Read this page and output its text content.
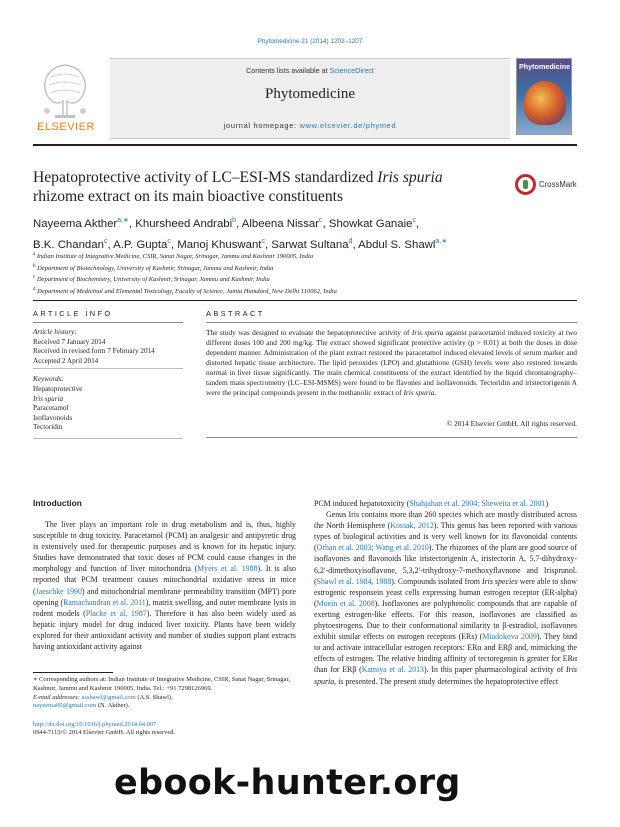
Phytomedicine 21 (2014) 1202–1207
ELSEVIER
Contents lists available at ScienceDirect
Phytomedicine
journal homepage: www.elsevier.de/phymed
Phytomedicine
Hepatoprotective activity of LC–ESI-MS standardized Iris spuria rhizome extract on its main bioactive constituents
CrossMark
Nayeema Akther$^{a,∗}$, Khursheed Andrabi$^b$, Albeena Nissar$^c$, Showkat Ganaie$^c$,
B.K. Chandan$^c$, A.P. Gupta$^c$, Manoj Khuswant$^c$, Sarwat Sultana$^d$, Abdul S. Shawl$^{a,∗}$
$^a$ Indian Institute of Integrative Medicine, CSIR, Sanat Nagar, Srinagar, Jammu and Kashmir 190005, India
$^b$ Department of Biotechnology, University of Kashmir, Srinagar, Jammu and Kashmir, India
$^c$ Department of Biochemistry, University of Kashmir, Srinagar, Jammu and Kashmir, India
$^d$ Department of Medicinal and Elemental Toxicology, Faculty of Science, Jamia Hamdard, New Delhi 110062, India
ARTICLE INFO	ABSTRACT
Article history:
Received 7 January 2014
Received in revised form 7 February 2014
Accepted 2 April 2014
Keywords:
Hepatoprotective
Iris spuria
Paracetamol
Isoflavonoids
Tectoridin
The study was designed to evaluate the hepatoprotective activity of Iris spuria against paracetamol induced toxicity at two different doses 100 and 200 mg/kg. The extract showed significant protective activity (p > 0.01) at both the doses in dose dependent manner. Administration of the plant extract restored the paracetamol induced elevated levels of serum marker and distorted hepatic tissue architecture. The lipid peroxides (LPO) and glutathione (GSH) levels were also restored towards normal in liver tissue significantly. The main chemical constituents of the extract identified by the liquid chromatography–tandem mass spectrometry (LC–ESI-MSMS) were found to be flavones and isoflavonoids. Tectoridin and iristectorigenin A were the principal compounds present in the methanolic extract of Iris spuria.
© 2014 Elsevier GmbH. All rights reserved.
Introduction

The liver plays an important role in drug metabolism and is, thus, highly susceptible to drug toxicity. Paracetamol (PCM) an analgesic and antipyretic drug is extensively used for therapeutic purposes and is known for its hepatic injury. Studies have demonstrated that toxic doses of PCM could cause changes in the morphology and function of liver mitochondria (Myers et al. 1988). It is also reported that PCM treatment causes mitochondrial oxidative stress in mice (Jaeschke 1990) and mitochondrial membrane permeability transition (MPT) pore opening (Ramachandran et al. 2011), matrix swelling, and outer membrane lysis in rodent models (Placke et al. 1987). Therefore it has also been widely used as hepatic injury model for drug induced liver toxicity. Plants have been widely explored for their antioxidant activity and number of studies support plant extracts having antioxidant activity against

PCM induced hepatotoxicity (Shahjahan et al. 2004; Sheweita et al. 2001)

Genus Iris contains more than 260 species which are mostly distributed across the North Hemisphere (Kossak, 2012). This genus has been reported with various types of biological activities and is very well known for its flavonoidal contents (Orhan et al. 2003; Wang et al. 2010). The rhizomes of the plant are good source of isoflavones and flavonoids like iristectorigenin A, iristectorin A, 5,7-dihydroxy-6,2′-dimethoxyisoflavone, 5,3,2′-trihydroxy-7-methoxyflavnone and Irisprunol. (Shawl et al. 1984, 1988). Compounds isolated from Iris species were able to show estrogenic responsein yeast cells expressing human estrogen receptor (ER-alpha) (Moein et al. 2008). Isoflavones are polyphenolic compounds that are capable of exerting estrogen-like effects. For this reason, isoflavones are classified as phytoestrogens. Due to their conformational similarity to β-estradiol, isoflavones exhibit similar effects on estrogen receptors (ERs) (Miadokova 2009). They bind to and activate intracellular estrogen receptors: ERα and ERβ and, mimicking the effects of estrogen. The relative binding affinity of tectoregenin is greater for ERα than for ERβ (Kamiya et al. 2013). In this paper pharmacological activity of Iris spuria, is presented. The present study determines the hepatoprotective effect

∗ Corresponding authors at: Indian Institute of Integrative Medicine, CSIR, Sanat Nagar, Srinagar, Kashmir, Jammu and Kashmir 190005, India. Tel.: +91 7298126969.
E-mail addresses: asshawl@gmail.com (A.S. Shawl),
nayeema00@gmail.com (N. Akther).
http://dx.doi.org/10.1016/j.phymed.2014.04.007
0944-7113/© 2014 Elsevier GmbH. All rights reserved.
ebook-hunter.org
